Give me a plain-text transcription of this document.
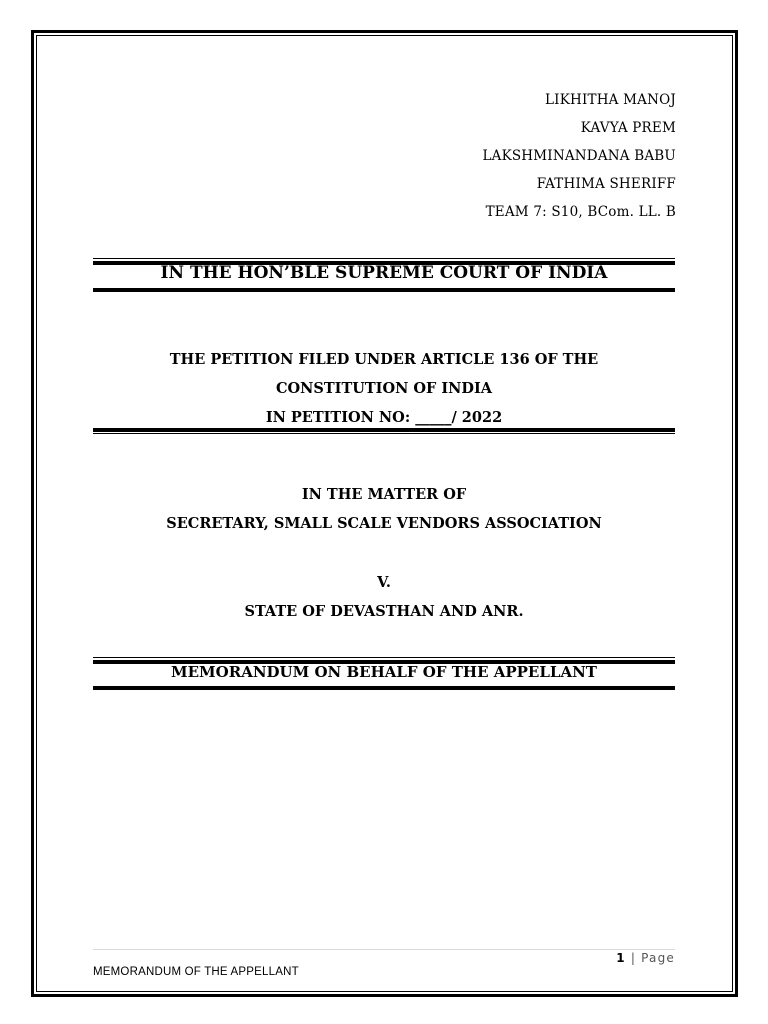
LIKHITHA MANOJ
KAVYA PREM
LAKSHMINANDANA BABU
FATHIMA SHERIFF
TEAM 7: S10, BCom. LL. B
IN THE HON’BLE SUPREME COURT OF INDIA
THE PETITION FILED UNDER ARTICLE 136 OF THE
CONSTITUTION OF INDIA
IN PETITION NO: _____/ 2022
IN THE MATTER OF
SECRETARY, SMALL SCALE VENDORS ASSOCIATION
V.
STATE OF DEVASTHAN AND ANR.
MEMORANDUM ON BEHALF OF THE APPELLANT
1 | Page
MEMORANDUM OF THE APPELLANT
